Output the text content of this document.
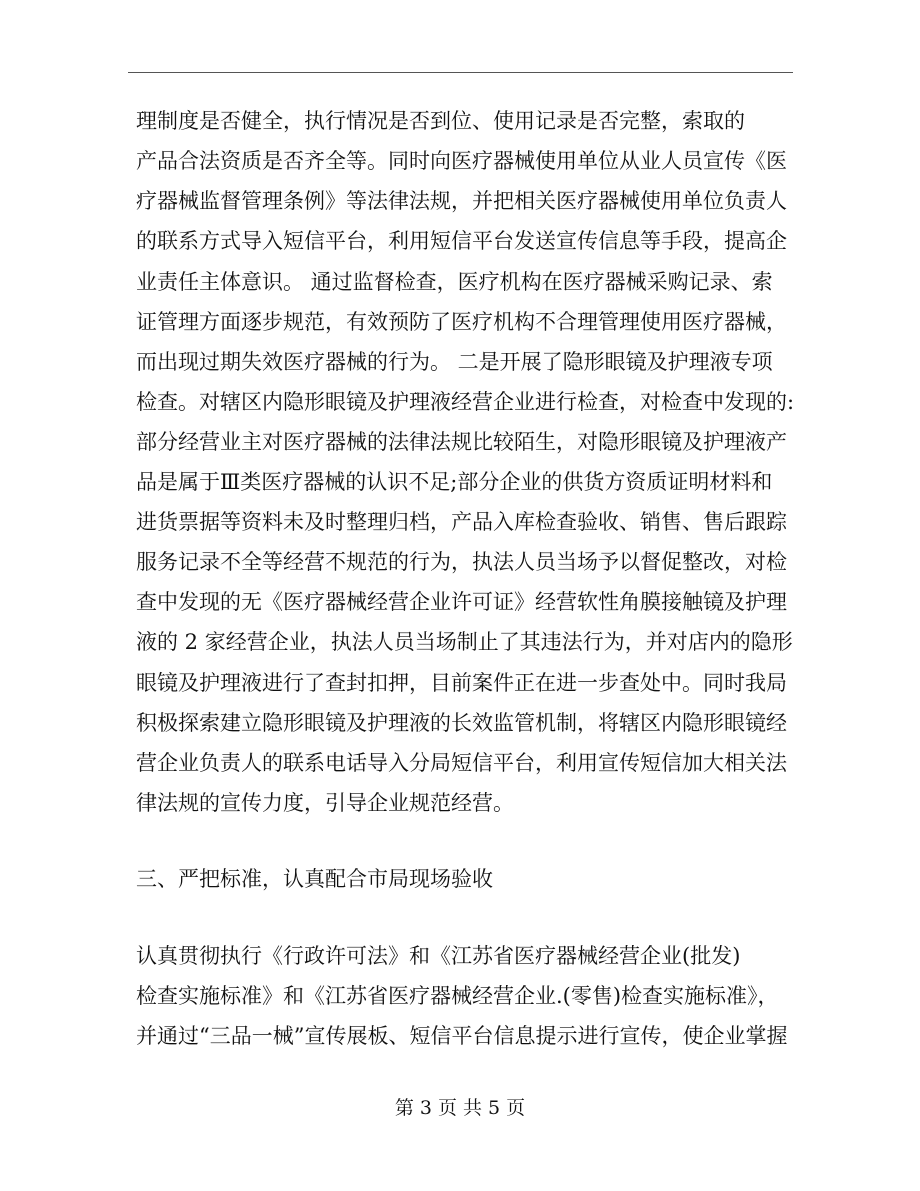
理制度是否健全，执行情况是否到位、使用记录是否完整，索取的
产品合法资质是否齐全等。同时向医疗器械使用单位从业人员宣传《医
疗器械监督管理条例》等法律法规，并把相关医疗器械使用单位负责人
的联系方式导入短信平台，利用短信平台发送宣传信息等手段，提高企
业责任主体意识。 通过监督检查，医疗机构在医疗器械采购记录、索
证管理方面逐步规范，有效预防了医疗机构不合理管理使用医疗器械，
而出现过期失效医疗器械的行为。 二是开展了隐形眼镜及护理液专项
检查。对辖区内隐形眼镜及护理液经营企业进行检查，对检查中发现的:
部分经营业主对医疗器械的法律法规比较陌生，对隐形眼镜及护理液产
品是属于Ⅲ类医疗器械的认识不足;部分企业的供货方资质证明材料和
进货票据等资料未及时整理归档，产品入库检查验收、销售、售后跟踪
服务记录不全等经营不规范的行为，执法人员当场予以督促整改，对检
查中发现的无《医疗器械经营企业许可证》经营软性角膜接触镜及护理
液的 2 家经营企业，执法人员当场制止了其违法行为，并对店内的隐形
眼镜及护理液进行了查封扣押，目前案件正在进一步查处中。同时我局
积极探索建立隐形眼镜及护理液的长效监管机制，将辖区内隐形眼镜经
营企业负责人的联系电话导入分局短信平台，利用宣传短信加大相关法
律法规的宣传力度，引导企业规范经营。
三、严把标准，认真配合市局现场验收
认真贯彻执行《行政许可法》和《江苏省医疗器械经营企业(批发)
检查实施标准》和《江苏省医疗器械经营企业.(零售)检查实施标准》，
并通过“三品一械”宣传展板、短信平台信息提示进行宣传，使企业掌握
第 3 页 共 5 页
